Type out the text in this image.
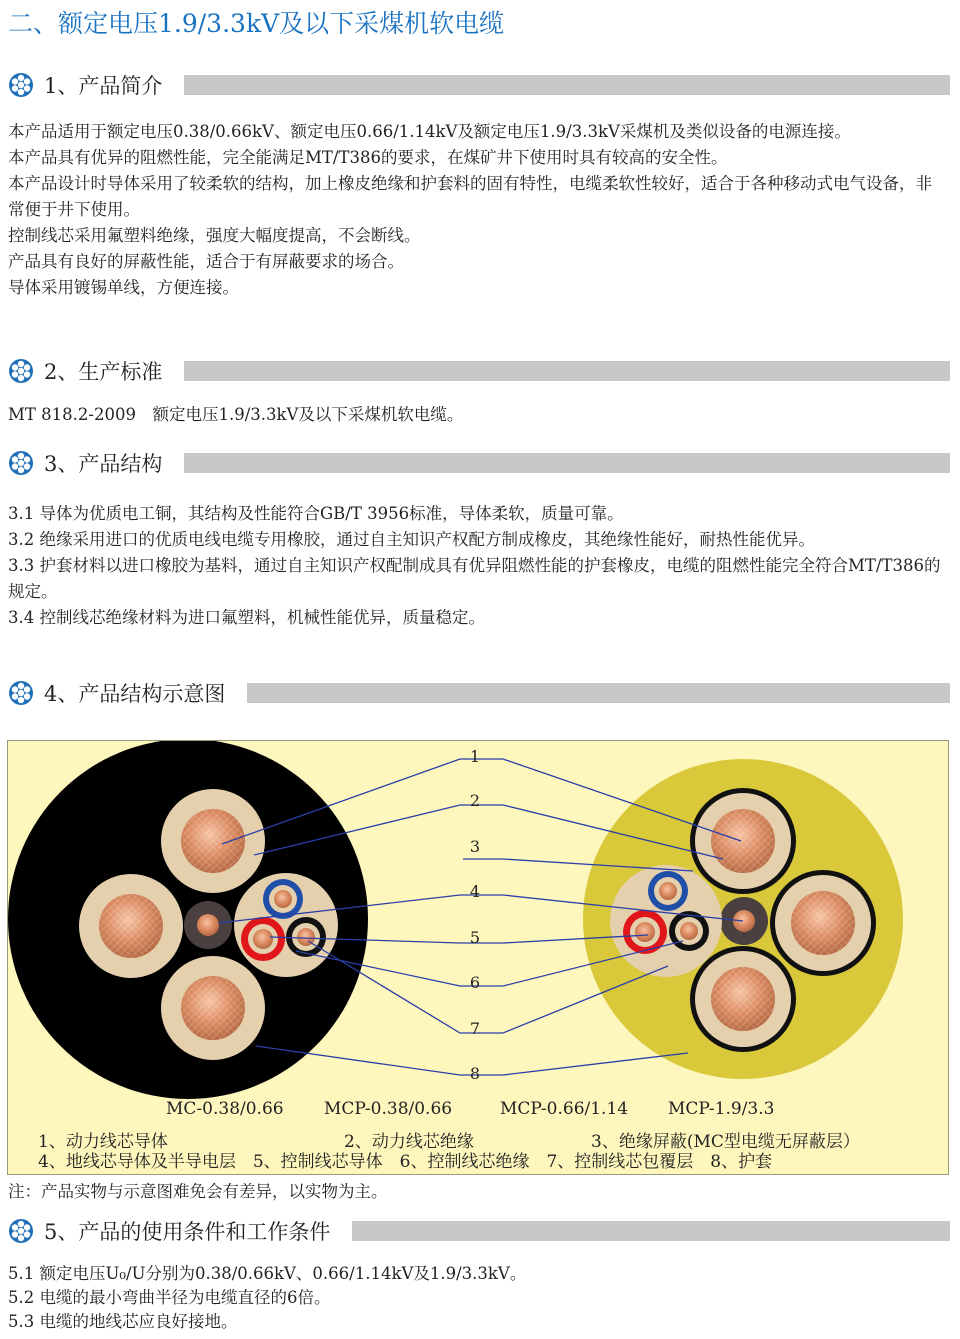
二、额定电压1.9/3.3kV及以下采煤机软电缆
1、产品简介

本产品适用于额定电压0.38/0.66kV、额定电压0.66/1.14kV及额定电压1.9/3.3kV采煤机及类似设备的电源连接。

本产品具有优异的阻燃性能，完全能满足MT/T386的要求，在煤矿井下使用时具有较高的安全性。

本产品设计时导体采用了较柔软的结构，加上橡皮绝缘和护套料的固有特性，电缆柔软性较好，适合于各种移动式电气设备，非常便于井下使用。

控制线芯采用氟塑料绝缘，强度大幅度提高，不会断线。

产品具有良好的屏蔽性能，适合于有屏蔽要求的场合。

导体采用镀锡单线，方便连接。

2、生产标准

MT 818.2-2009　额定电压1.9/3.3kV及以下采煤机软电缆。

3、产品结构

3.1 导体为优质电工铜，其结构及性能符合GB/T 3956标准，导体柔软，质量可靠。

3.2 绝缘采用进口的优质电线电缆专用橡胶，通过自主知识产权配方制成橡皮，其绝缘性能好，耐热性能优异。

3.3 护套材料以进口橡胶为基料，通过自主知识产权配制成具有优异阻燃性能的护套橡皮，电缆的阻燃性能完全符合MT/T386的规定。

3.4 控制线芯绝缘材料为进口氟塑料，机械性能优异，质量稳定。

4、产品结构示意图
1
2
3
4
5
6
7
8
MC-0.38/0.66 MCP-0.38/0.66	MCP-0.66/1.14 MCP-1.9/3.3
1、动力线芯导体	2、动力线芯绝缘	3、绝缘屏蔽(MC型电缆无屏蔽层）
4、地线芯导体及半导电层　5、控制线芯导体　6、控制线芯绝缘　7、控制线芯包覆层　8、护套
注：产品实物与示意图难免会有差异，以实物为主。
5、产品的使用条件和工作条件

5.1 额定电压U₀/U分别为0.38/0.66kV、0.66/1.14kV及1.9/3.3kV。

5.2 电缆的最小弯曲半径为电缆直径的6倍。

5.3 电缆的地线芯应良好接地。
